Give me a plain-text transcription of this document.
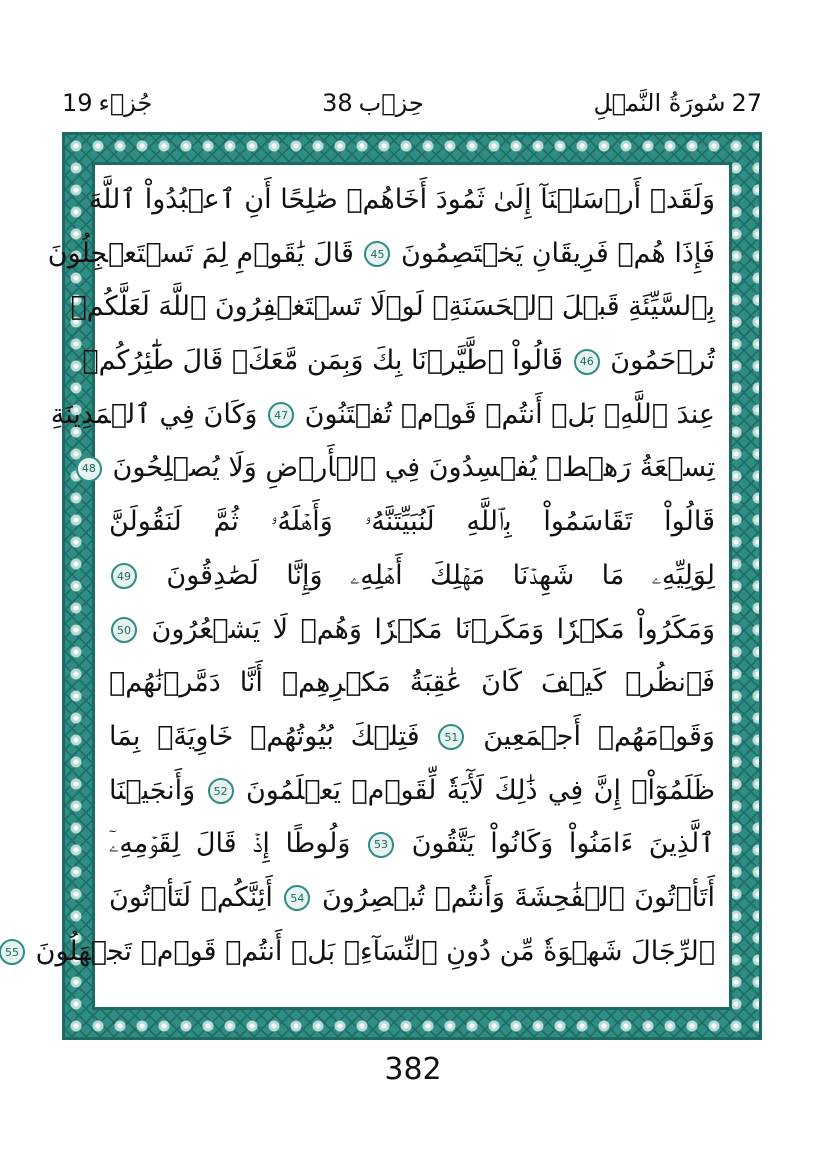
27
سُورَةُ النَّمۡلِ
حِزۡب
38
جُزۡء
19
وَلَقَدۡ أَرۡسَلۡنَآ إِلَىٰ ثَمُودَ أَخَاهُمۡ صَٰلِحًا أَنِ ٱعۡبُدُواْ ٱللَّهَ
فَإِذَا هُمۡ فَرِيقَانِ يَخۡتَصِمُونَ 45 قَالَ يَٰقَوۡمِ لِمَ تَسۡتَعۡجِلُونَ
بِٱلسَّيِّئَةِ قَبۡلَ ٱلۡحَسَنَةِۖ لَوۡلَا تَسۡتَغۡفِرُونَ ٱللَّهَ لَعَلَّكُمۡ
تُرۡحَمُونَ 46 قَالُواْ ٱطَّيَّرۡنَا بِكَ وَبِمَن مَّعَكَۚ قَالَ طَٰٓئِرُكُمۡ
عِندَ ٱللَّهِۖ بَلۡ أَنتُمۡ قَوۡمٞ تُفۡتَنُونَ 47 وَكَانَ فِي ٱلۡمَدِينَةِ
تِسۡعَةُ رَهۡطٖ يُفۡسِدُونَ فِي ٱلۡأَرۡضِ وَلَا يُصۡلِحُونَ 48
قَالُواْ تَقَاسَمُواْ بِٱللَّهِ لَنُبَيِّتَنَّهُۥ وَأَهۡلَهُۥ ثُمَّ لَنَقُولَنَّ
لِوَلِيِّهِۦ مَا شَهِدۡنَا مَهۡلِكَ أَهۡلِهِۦ وَإِنَّا لَصَٰدِقُونَ 49
وَمَكَرُواْ مَكۡرٗا وَمَكَرۡنَا مَكۡرٗا وَهُمۡ لَا يَشۡعُرُونَ 50
فَٱنظُرۡ كَيۡفَ كَانَ عَٰقِبَةُ مَكۡرِهِمۡ أَنَّا دَمَّرۡنَٰهُمۡ
وَقَوۡمَهُمۡ أَجۡمَعِينَ 51 فَتِلۡكَ بُيُوتُهُمۡ خَاوِيَةَۢ بِمَا
ظَلَمُوٓاْۚ إِنَّ فِي ذَٰلِكَ لَأٓيَةٗ لِّقَوۡمٖ يَعۡلَمُونَ 52 وَأَنجَيۡنَا
ٱلَّذِينَ ءَامَنُواْ وَكَانُواْ يَتَّقُونَ 53 وَلُوطًا إِذۡ قَالَ لِقَوۡمِهِۦٓ
أَتَأۡتُونَ ٱلۡفَٰحِشَةَ وَأَنتُمۡ تُبۡصِرُونَ 54 أَئِنَّكُمۡ لَتَأۡتُونَ
ٱلرِّجَالَ شَهۡوَةٗ مِّن دُونِ ٱلنِّسَآءِۚ بَلۡ أَنتُمۡ قَوۡمٞ تَجۡهَلُونَ 55
382
